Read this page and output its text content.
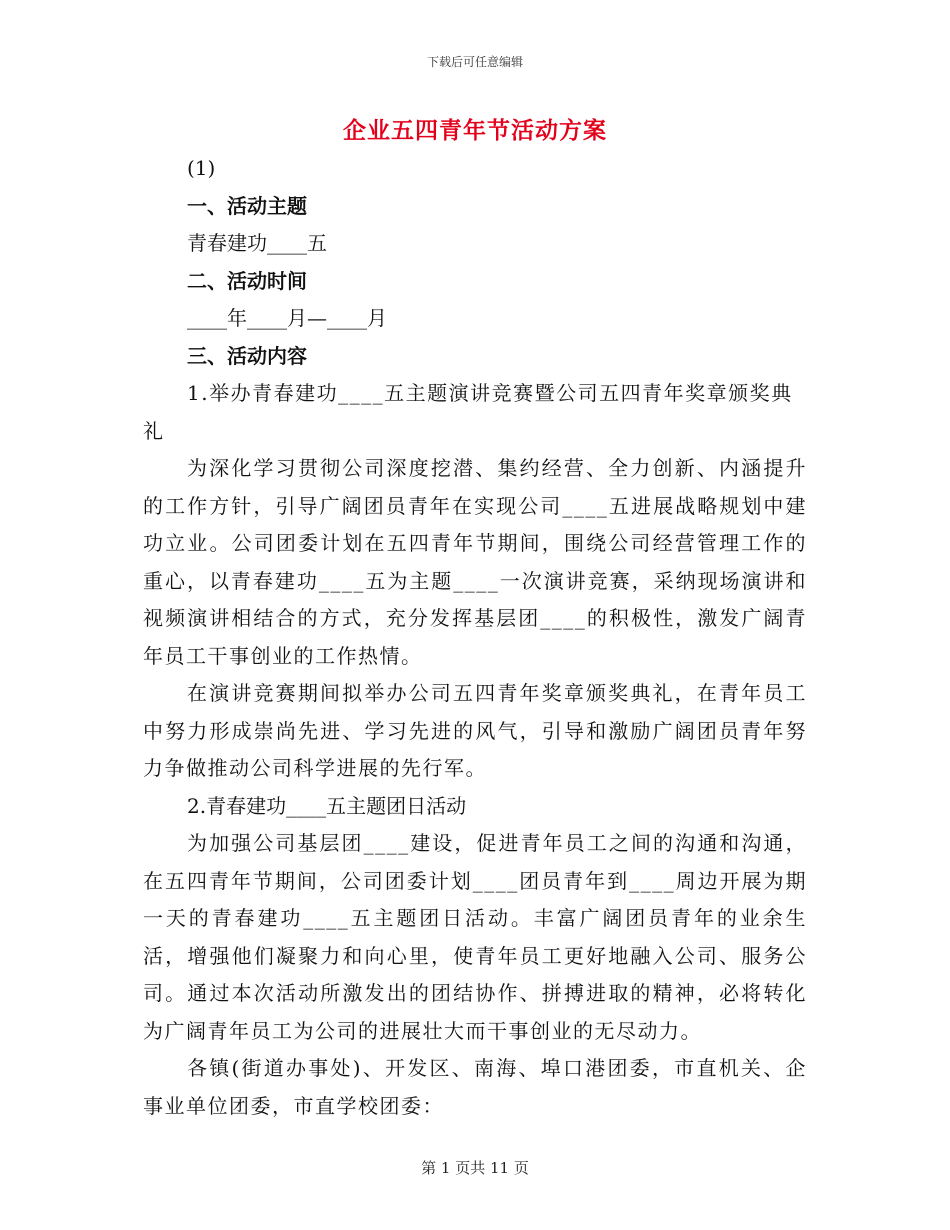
下载后可任意编辑
企业五四青年节活动方案
(1)
一、活动主题
青春建功____五
二、活动时间
____年____月—____月
三、活动内容
1.举办青春建功____五主题演讲竞赛暨公司五四青年奖章颁奖典礼
为深化学习贯彻公司深度挖潜、集约经营、全力创新、内涵提升的工作方针，引导广阔团员青年在实现公司____五进展战略规划中建功立业。公司团委计划在五四青年节期间，围绕公司经营管理工作的重心，以青春建功____五为主题____一次演讲竞赛，采纳现场演讲和视频演讲相结合的方式，充分发挥基层团____的积极性，激发广阔青年员工干事创业的工作热情。
在演讲竞赛期间拟举办公司五四青年奖章颁奖典礼，在青年员工中努力形成崇尚先进、学习先进的风气，引导和激励广阔团员青年努力争做推动公司科学进展的先行军。
2.青春建功____五主题团日活动
为加强公司基层团____建设，促进青年员工之间的沟通和沟通，在五四青年节期间，公司团委计划____团员青年到____周边开展为期一天的青春建功____五主题团日活动。丰富广阔团员青年的业余生活，增强他们凝聚力和向心里，使青年员工更好地融入公司、服务公司。通过本次活动所激发出的团结协作、拼搏进取的精神，必将转化为广阔青年员工为公司的进展壮大而干事创业的无尽动力。
各镇(街道办事处)、开发区、南海、埠口港团委，市直机关、企事业单位团委，市直学校团委：
第 1 页共 11 页
